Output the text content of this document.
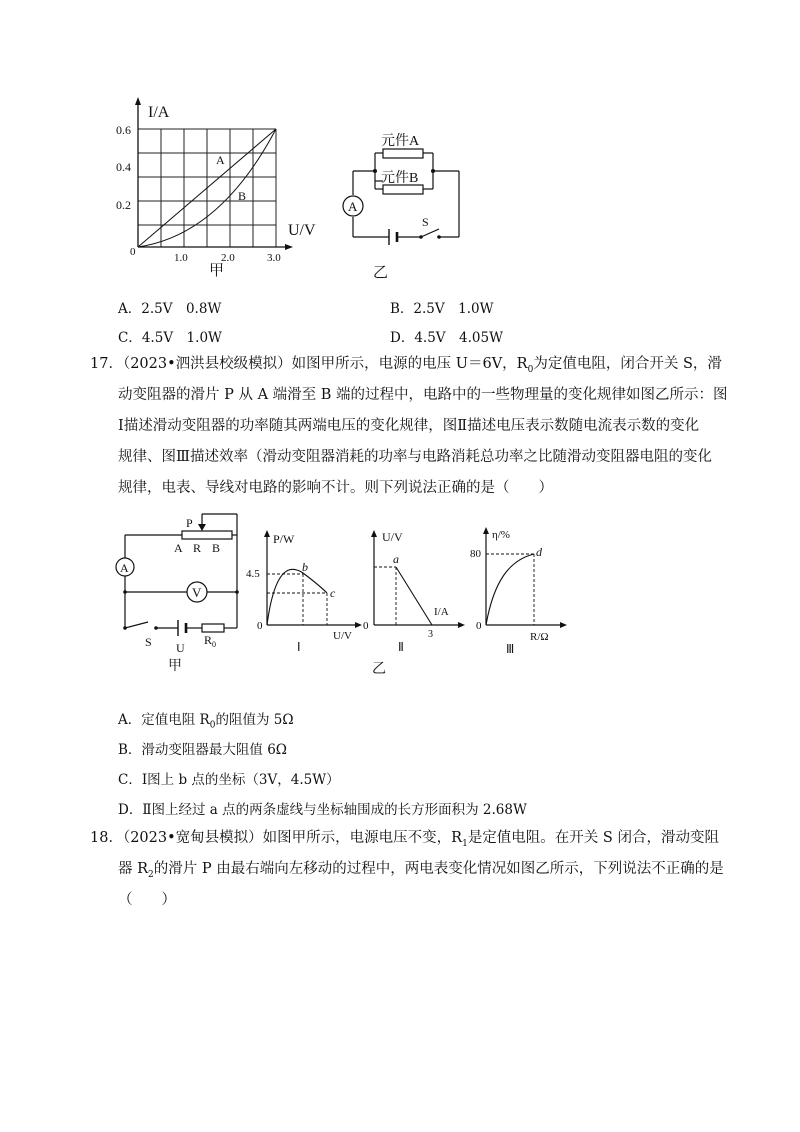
I/A
U/V
0.6
0.4
0.2
1.0	2.0	3.0
0
A
B
甲
A
元件A
元件B
S
乙
A．2.5V　0.8W	B．2.5V　1.0W
C．4.5V　1.0W	D．4.5V　4.05W
17．（2023•泗洪县校级模拟）如图甲所示，电源的电压 U＝6V，$R_0$为定值电阻，闭合开关 S，滑
动变阻器的滑片 P 从 A 端滑至 B 端的过程中，电路中的一些物理量的变化规律如图乙所示：图
Ⅰ描述滑动变阻器的功率随其两端电压的变化规律，图Ⅱ描述电压表示数随电流表示数的变化
规律、图Ⅲ描述效率（滑动变阻器消耗的功率与电路消耗总功率之比随滑动变阻器电阻的变化
规律，电表、导线对电路的影响不计。则下列说法正确的是（　　）
A
V
P
A R B
S U
$R_0$
甲
P/W
4.5	b
c
0
U/V
Ⅰ
U/V
a
I/A
0
3
Ⅱ
乙
η/%
80	d
0
R/Ω
Ⅲ
A．定值电阻 $R_0$的阻值为 5Ω
B．滑动变阻器最大阻值 6Ω
C．Ⅰ图上 b 点的坐标（3V，4.5W）
D．Ⅱ图上经过 a 点的两条虚线与坐标轴围成的长方形面积为 2.68W
18．（2023•宽甸县模拟）如图甲所示，电源电压不变，$R_1$是定值电阻。在开关 S 闭合，滑动变阻
器 $R_2$的滑片 P 由最右端向左移动的过程中，两电表变化情况如图乙所示，下列说法不正确的是
（　　）
